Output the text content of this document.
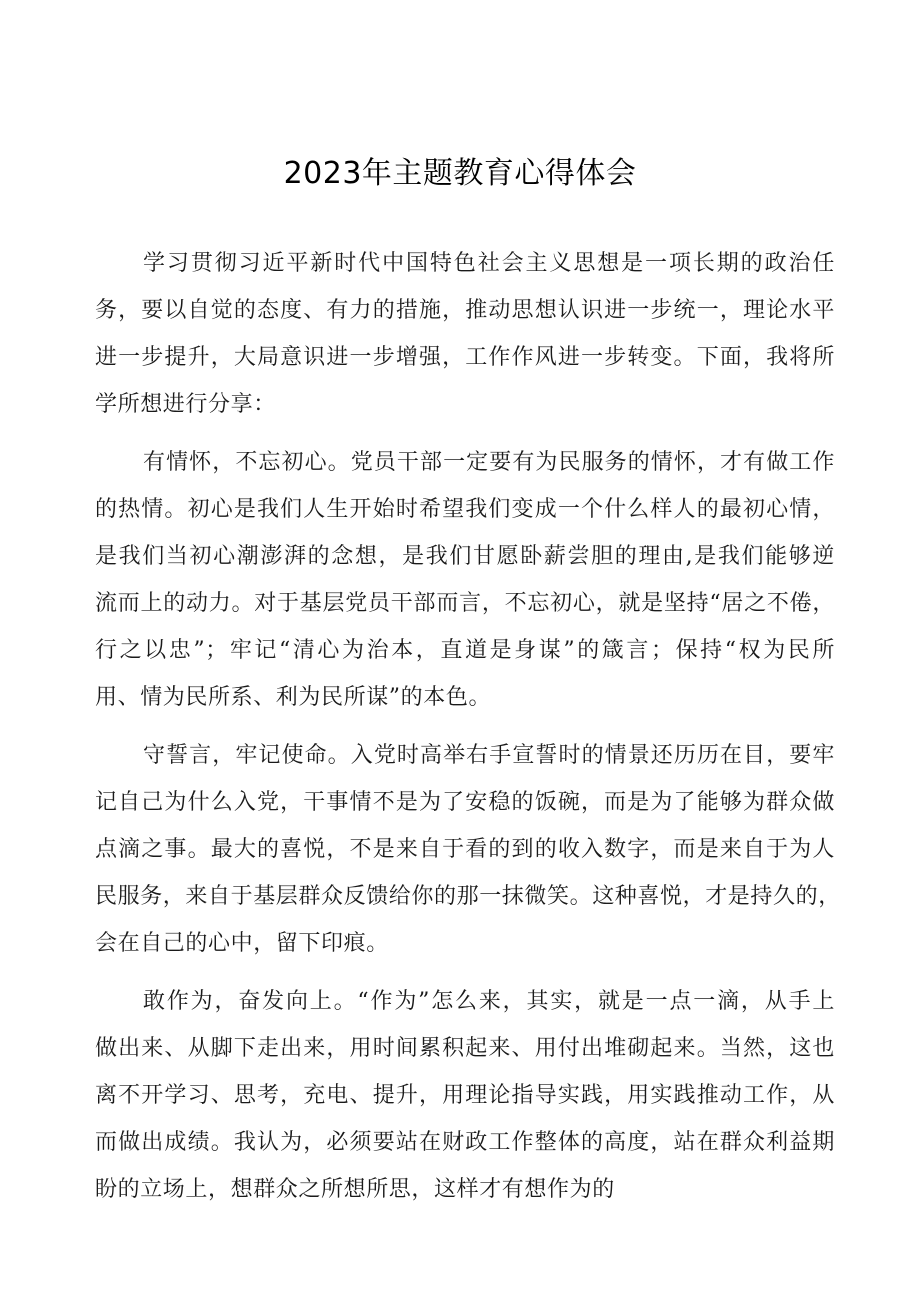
2023年主题教育心得体会
学习贯彻习近平新时代中国特色社会主义思想是一项长期的政治任
务，要以自觉的态度、有力的措施，推动思想认识进一步统一，理论水平
进一步提升，大局意识进一步增强，工作作风进一步转变。下面，我将所
学所想进行分享：
有情怀，不忘初心。党员干部一定要有为民服务的情怀，才有做工作
的热情。初心是我们人生开始时希望我们变成一个什么样人的最初心情，
是我们当初心潮澎湃的念想，是我们甘愿卧薪尝胆的理由,是我们能够逆
流而上的动力。对于基层党员干部而言，不忘初心，就是坚持“居之不倦，
行之以忠”；牢记“清心为治本，直道是身谋”的箴言；保持“权为民所
用、情为民所系、利为民所谋”的本色。
守誓言，牢记使命。入党时高举右手宣誓时的情景还历历在目，要牢
记自己为什么入党，干事情不是为了安稳的饭碗，而是为了能够为群众做
点滴之事。最大的喜悦，不是来自于看的到的收入数字，而是来自于为人
民服务，来自于基层群众反馈给你的那一抹微笑。这种喜悦，才是持久的，
会在自己的心中，留下印痕。
敢作为，奋发向上。“作为”怎么来，其实，就是一点一滴，从手上
做出来、从脚下走出来，用时间累积起来、用付出堆砌起来。当然，这也
离不开学习、思考，充电、提升，用理论指导实践，用实践推动工作，从
而做出成绩。我认为，必须要站在财政工作整体的高度，站在群众利益期
盼的立场上，想群众之所想所思，这样才有想作为的
